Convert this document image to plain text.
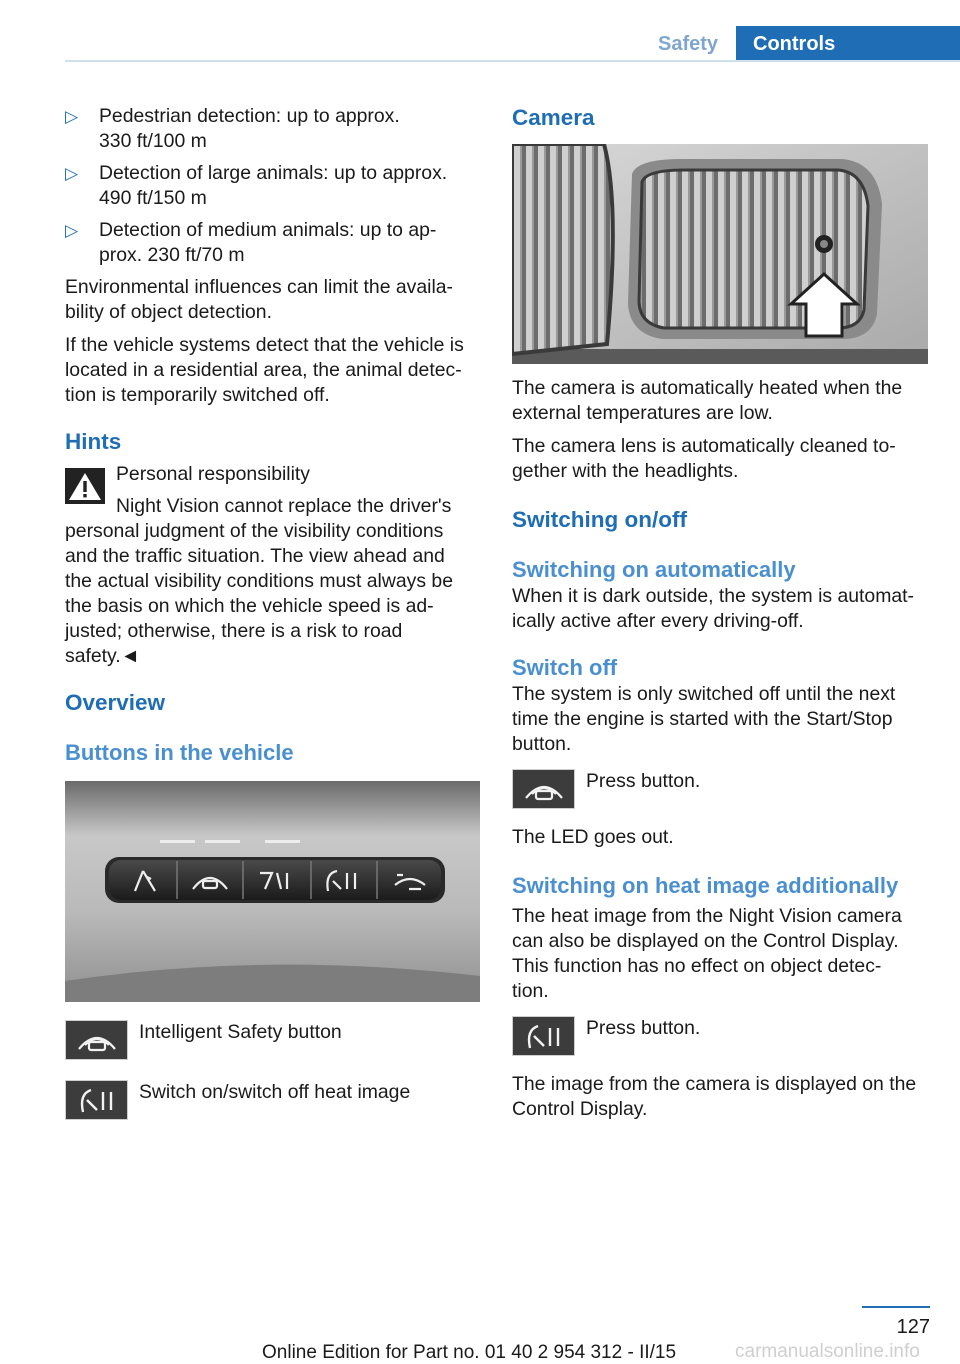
Safety	Controls
▷ Pedestrian detection: up to approx.
330 ft/100 m
▷ Detection of large animals: up to approx.
490 ft/150 m
▷ Detection of medium animals: up to ap-
prox. 230 ft/70 m

Environmental influences can limit the availa-
bility of object detection.

If the vehicle systems detect that the vehicle is
located in a residential area, the animal detec-
tion is temporarily switched off.

Hints
Personal responsibility
Night Vision cannot replace the driver's
personal judgment of the visibility conditions
and the traffic situation. The view ahead and
the actual visibility conditions must always be
the basis on which the vehicle speed is ad-
justed; otherwise, there is a risk to road
safety.◄
Overview
Buttons in the vehicle
Intelligent Safety button
Switch on/switch off heat image
Camera

The camera is automatically heated when the
external temperatures are low.

The camera lens is automatically cleaned to-
gether with the headlights.

Switching on/off
Switching on automatically

When it is dark outside, the system is automat-
ically active after every driving-off.

Switch off

The system is only switched off until the next
time the engine is started with the Start/Stop
button.

Press button.

The LED goes out.

Switching on heat image additionally

The heat image from the Night Vision camera
can also be displayed on the Control Display.
This function has no effect on object detec-
tion.

Press button.

The image from the camera is displayed on the
Control Display.

127
Online Edition for Part no. 01 40 2 954 312 - II/15	carmanualsonline.info
